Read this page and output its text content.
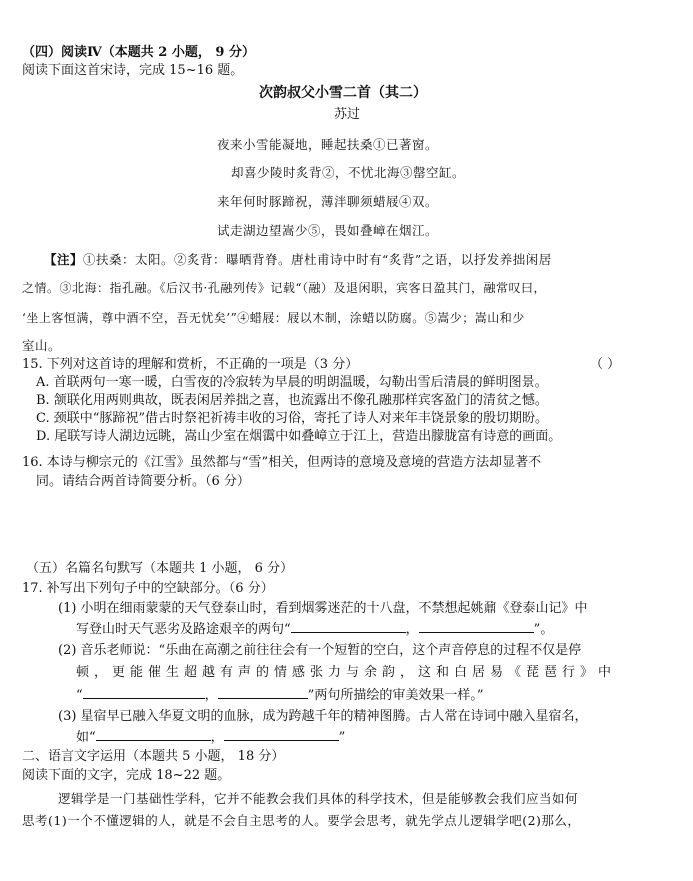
（四）阅读Ⅳ（本题共 2 小题， 9 分）
阅读下面这首宋诗，完成 15~16 题。
次韵叔父小雪二首（其二）
苏过
夜来小雪能凝地，睡起扶桑①已著窗。
却喜少陵时炙背②，不忧北海③罄空缸。
来年何时豚蹄祝，薄泮聊须蜡屐④双。
试走湖边望嵩少⑤，畏如叠嶂在烟江。
【注】①扶桑：太阳。②炙背：曝晒背脊。唐杜甫诗中时有“炙背”之语，以抒发养拙闲居
之情。③北海：指孔融。《后汉书·孔融列传》记载“（融）及退闲职，宾客日盈其门，融常叹曰，
‘坐上客恒满，尊中酒不空，吾无忧矣’”④蜡屐：屐以木制，涂蜡以防腐。⑤嵩少；嵩山和少
室山。
15. 下列对这首诗的理解和赏析，不正确的一项是（3 分）	（ ）
A. 首联两句一寒一暖，白雪夜的冷寂转为早晨的明朗温暖，勾勒出雪后清晨的鲜明图景。
B. 颔联化用两则典故，既表闲居养拙之喜，也流露出不像孔融那样宾客盈门的清贫之憾。
C. 颈联中“豚蹄祝”借古时祭祀祈祷丰收的习俗，寄托了诗人对来年丰饶景象的殷切期盼。
D. 尾联写诗人湖边远眺，嵩山少室在烟霭中如叠嶂立于江上，营造出朦胧富有诗意的画面。
16. 本诗与柳宗元的《江雪》虽然都与“雪”相关，但两诗的意境及意境的营造方法却显著不
同。请结合两首诗简要分析。（6 分）
（五）名篇名句默写（本题共 1 小题， 6 分）
17. 补写出下列句子中的空缺部分。（6 分）
(1) 小明在细雨蒙蒙的天气登泰山时，看到烟雾迷茫的十八盘，不禁想起姚鼐《登泰山记》中
写登山时天气恶劣及路途艰辛的两句“	，	”。
(2) 音乐老师说：“乐曲在高潮之前往往会有一个短暂的空白，这个声音停息的过程不仅是停
顿，更能催生超越有声的情感张力与余韵，这和白居易《琵琶行》中
“	，	”两句所描绘的审美效果一样。”
(3) 星宿早已融入华夏文明的血脉，成为跨越千年的精神图腾。古人常在诗词中融入星宿名，
如“	，	”
二、语言文字运用（本题共 5 小题， 18 分）
阅读下面的文字，完成 18~22 题。
逻辑学是一门基础性学科，它并不能教会我们具体的科学技术，但是能够教会我们应当如何
思考(1)一个不懂逻辑的人，就是不会自主思考的人。要学会思考，就先学点儿逻辑学吧(2)那么，
